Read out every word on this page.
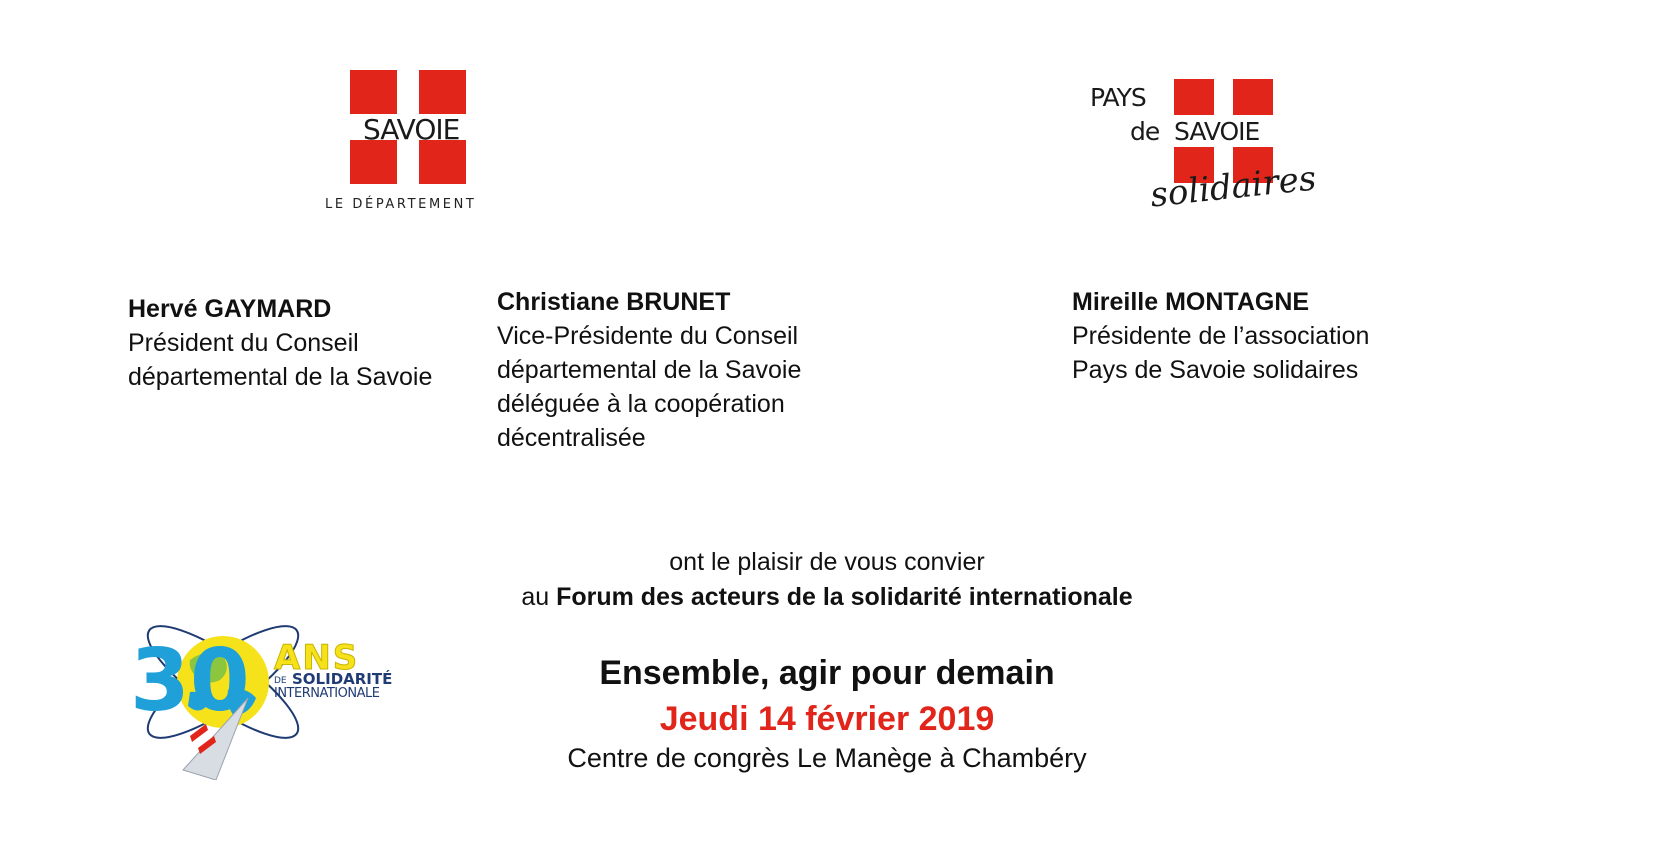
SAVOIE
LE DÉPARTEMENT
PAYS
de SAVOIE
solidaires
Hervé GAYMARD
Président du Conseil
départemental de la Savoie
Christiane BRUNET
Vice-Présidente du Conseil
départemental de la Savoie
déléguée à la coopération
décentralisée
Mireille MONTAGNE
Présidente de l’association
Pays de Savoie solidaires
ont le plaisir de vous convier
au Forum des acteurs de la solidarité internationale
Ensemble, agir pour demain
Jeudi 14 février 2019
Centre de congrès Le Manège à Chambéry
30 ANS
DE SOLIDARITÉ
INTERNATIONALE
